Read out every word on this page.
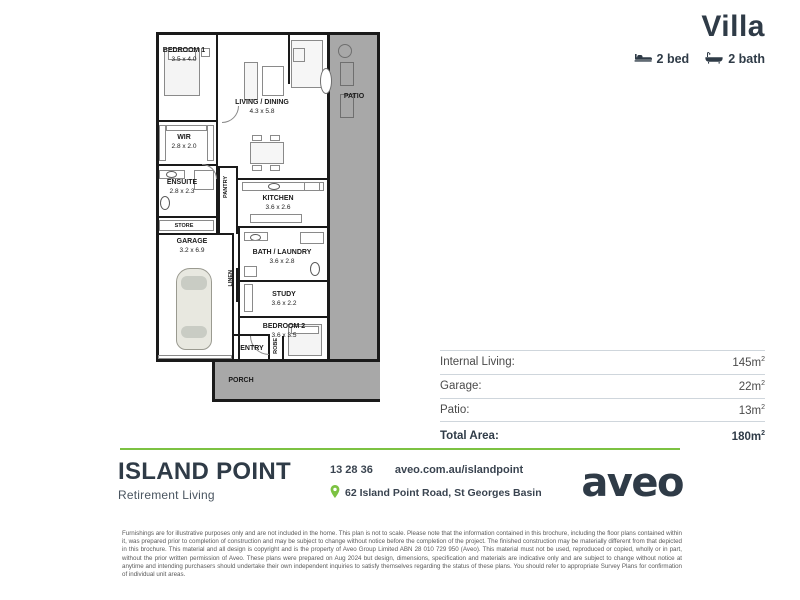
BEDROOM 1
3.5 x 4.0
WIR
2.8 x 2.0
ENSUITE
2.8 x 2.3
GARAGE
3.2 x 6.9
LIVING / DINING
4.3 x 5.8
KITCHEN
3.6 x 2.6
BATH / LAUNDRY
3.6 x 2.8
STUDY
3.6 x 2.2
BEDROOM 2
3.6 x 3.5
PATIO
PORCH
ENTRY
STORE
PANTRY
LINEN
ROBE
Villa
2 bed	2 bath
Internal Living:	$145m^2$
Garage:	$22m^2$
Patio:	$13m^2$
Total Area:	$180m^2$
ISLAND POINT
Retirement Living
13 28 36 aveo.com.au/islandpoint
62 Island Point Road, St Georges Basin aveo
Furnishings are for illustrative purposes only and are not included in the home. This plan is not to scale. Please note that the information contained in this brochure, including the floor plans contained within it, was prepared prior to completion of construction and may be subject to change without notice before the completion of the project. The finished construction may be materially different from that depicted in this brochure. This material and all design is copyright and is the property of Aveo Group Limited ABN 28 010 729 950 (Aveo). This material must not be used, reproduced or copied, wholly or in part, without the prior written permission of Aveo. These plans were prepared on Aug 2024 but design, dimensions, specification and materials are indicative only and are subject to change without notice at anytime and intending purchasers should undertake their own independent inquiries to satisfy themselves regarding the status of these plans. You should refer to appropriate Survey Plans for confirmation of individual unit areas.
